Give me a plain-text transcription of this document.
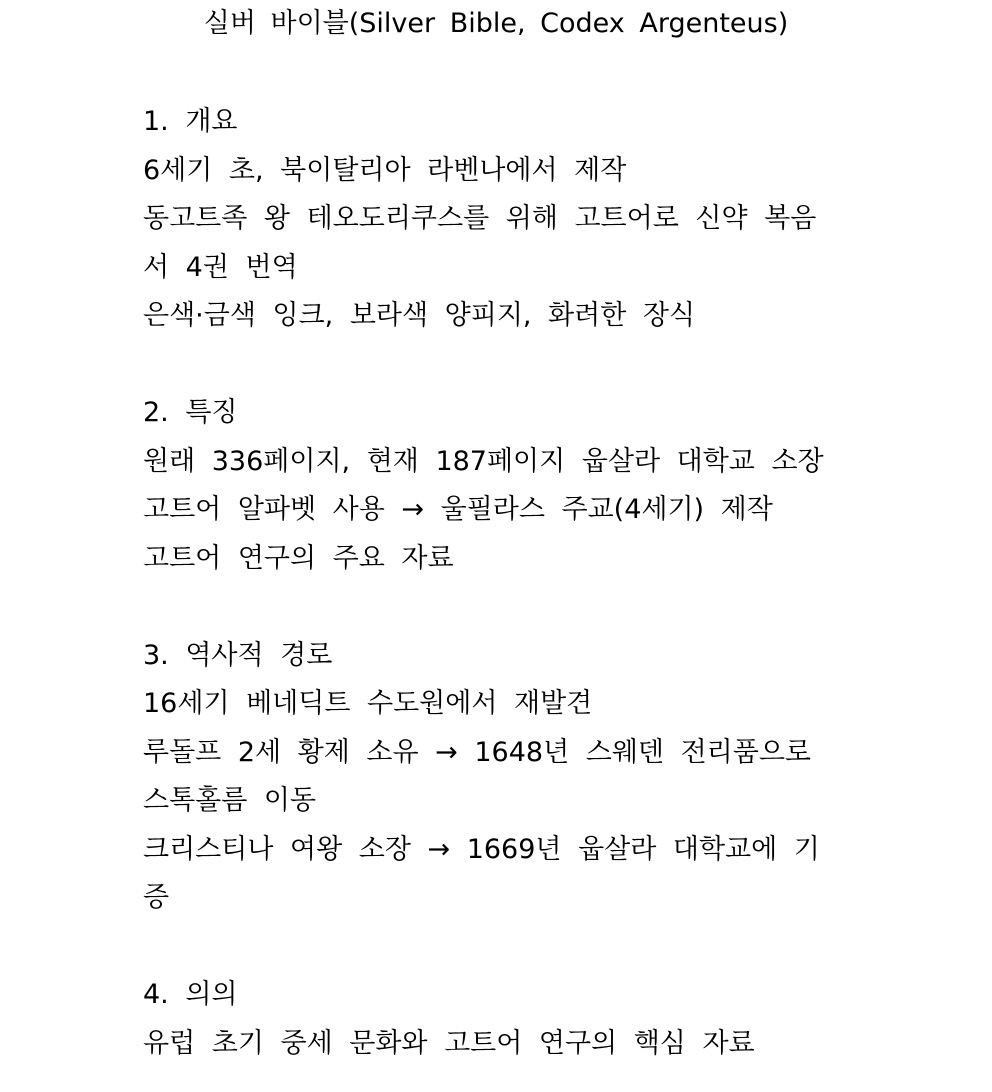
실버 바이블(Silver Bible, Codex Argenteus)
1. 개요
6세기 초, 북이탈리아 라벤나에서 제작
동고트족 왕 테오도리쿠스를 위해 고트어로 신약 복음
서 4권 번역
은색·금색 잉크, 보라색 양피지, 화려한 장식
2. 특징
원래 336페이지, 현재 187페이지 웁살라 대학교 소장
고트어 알파벳 사용 → 울필라스 주교(4세기) 제작
고트어 연구의 주요 자료
3. 역사적 경로
16세기 베네딕트 수도원에서 재발견
루돌프 2세 황제 소유 → 1648년 스웨덴 전리품으로
스톡홀름 이동
크리스티나 여왕 소장 → 1669년 웁살라 대학교에 기
증
4. 의의
유럽 초기 중세 문화와 고트어 연구의 핵심 자료
